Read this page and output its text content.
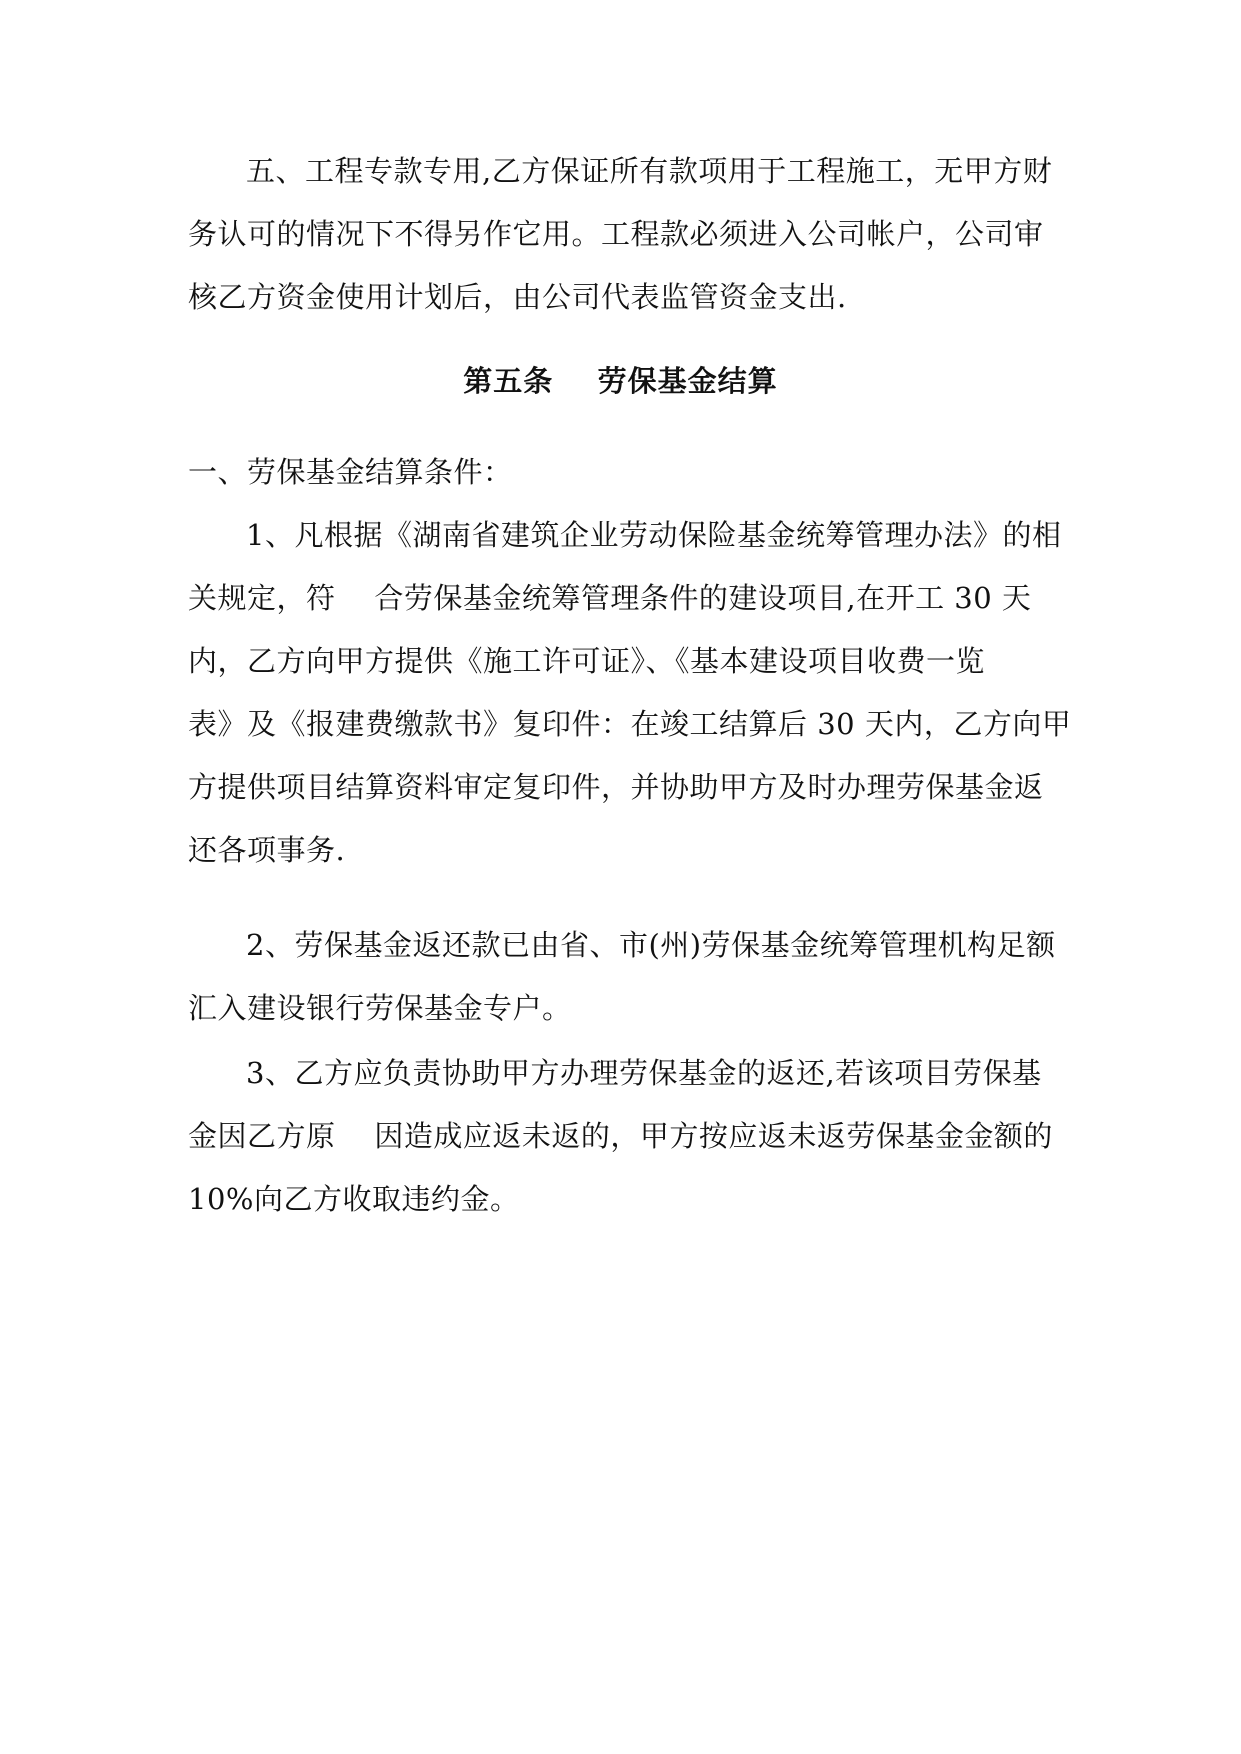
五、工程专款专用,乙方保证所有款项用于工程施工，无甲方财
务认可的情况下不得另作它用。工程款必须进入公司帐户，公司审
核乙方资金使用计划后，由公司代表监管资金支出.
第五条    劳保基金结算
一、劳保基金结算条件：
1、凡根据《湖南省建筑企业劳动保险基金统筹管理办法》的相
关规定，符    合劳保基金统筹管理条件的建设项目,在开工 30 天
内，乙方向甲方提供《施工许可证》、《基本建设项目收费一览
表》及《报建费缴款书》复印件：在竣工结算后 30 天内，乙方向甲
方提供项目结算资料审定复印件，并协助甲方及时办理劳保基金返
还各项事务.
2、劳保基金返还款已由省、市(州)劳保基金统筹管理机构足额
汇入建设银行劳保基金专户。
3、乙方应负责协助甲方办理劳保基金的返还,若该项目劳保基
金因乙方原    因造成应返未返的，甲方按应返未返劳保基金金额的
10%向乙方收取违约金。
